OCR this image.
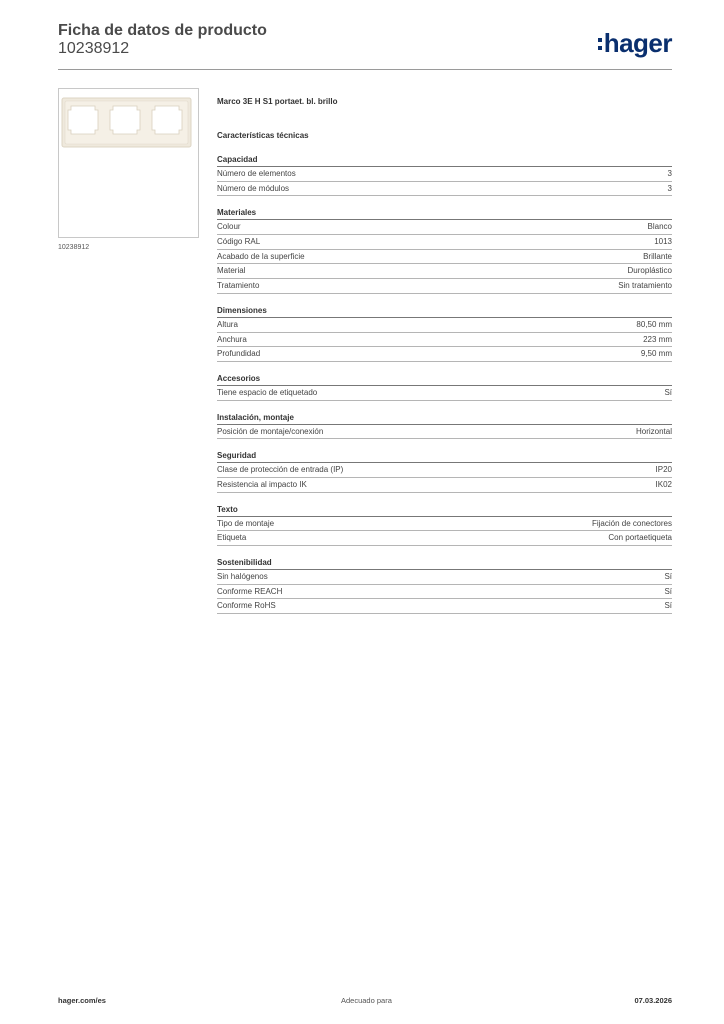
Ficha de datos de producto
10238912	hager
10238912
Marco 3E H S1 portaet. bl. brillo
Características técnicas
Capacidad
Número de elementos	3
Número de módulos	3
Materiales
Colour	Blanco
Código RAL	1013
Acabado de la superficie	Brillante
Material	Duroplástico
Tratamiento	Sin tratamiento
Dimensiones
Altura	80,50 mm
Anchura	223 mm
Profundidad	9,50 mm
Accesorios
Tiene espacio de etiquetado	Sí
Instalación, montaje
Posición de montaje/conexión	Horizontal
Seguridad
Clase de protección de entrada (IP)	IP20
Resistencia al impacto IK	IK02
Texto
Tipo de montaje	Fijación de conectores
Etiqueta	Con portaetiqueta
Sostenibilidad
Sin halógenos	Sí
Conforme REACH	Sí
Conforme RoHS	Sí
hager.com/es	Adecuado para	07.03.2026
